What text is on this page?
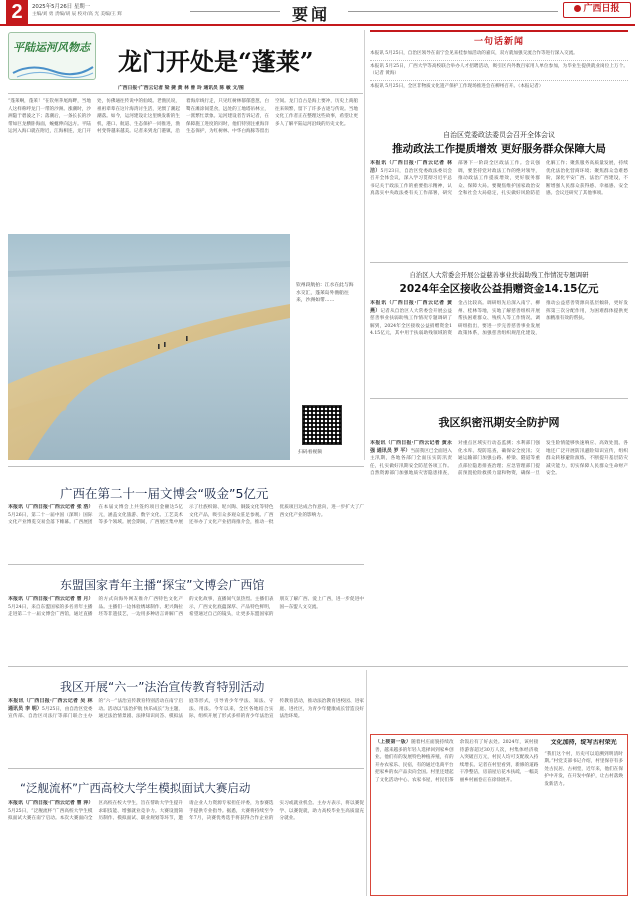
2	2025年5月26日 星期一
主编/刘 勇 责编/胡 辰 校对/高 光 美编/王 辉	要闻	广西日报
平陆运河风物志 龙门开处是“蓬莱”
广西日报·广西云记者 梁 捷 黄 林 曾 玲 通讯员 陈 敏 文/图
“蓬莱啊，蓬莱！”在钦州茅尾海畔，当地人这样称呼龙门一带的沙洲。涨潮时，沙洲隐于碧波之下；落潮后，一条长长的沙带如巨龙横卧海面，蜿蜒伸向远方。平陆运河入海口就在附近，江海相连，龙门开处，仿佛通往传说中的仙境。老渔民说，祖祖辈辈在这片海湾讨生活，见惯了潮起潮落。如今，运河建设让这里焕发新的生机，港口、航道、生态保护一同推进，渔村变得越来越美。记者来到龙门港镇，沿着海岸线行走，只见红树林郁郁葱葱，白鹭在滩涂间觅食，远处的工地塔吊林立，一派繁忙景象。运河建设者告诉记者，在保障施工进度的同时，他们特别注重海洋生态保护，为红树林、中华白海豚等留出空间。龙门自古是海上要冲，历史上商船往来频繁，留下了许多古迹与传说。当地文化工作者正在整理这些故事，希望让更多人了解平陆运河沿线的历史文化。
钦州段航拍：江水在此与海水交汇，蓬莱岛外渔船往来，沙洲如带……
扫码看视频
一句话新闻
本报讯 5月25日，自治区领导在南宁会见来桂参加活动的嘉宾，双方就加强交流合作等进行深入交流。
本报讯 5月25日，广西大学等高校联合举办人才招聘活动，吸引区内外数百家用人单位参加，为毕业生提供就业岗位上万个。（记者 黄海）
本报讯 5月25日，全区非物质文化遗产保护工作现场推进会在柳州召开。（本报记者）
自治区党委政法委员会召开全体会议
推动政法工作提质增效 更好服务群众保障大局
本报讯（广西日报·广西云记者 林 洁）5月23日，自治区党委政法委员会召开全体会议，深入学习贯彻习近平总书记关于政法工作的重要指示精神，认真落实中央政法委有关工作部署，研究部署下一阶段全区政法工作。会议强调，要坚持党对政法工作的绝对领导，推动政法工作提质增效，更好服务群众、保障大局。要聚焦维护国家政治安全和社会大局稳定，扎实做好风险防范化解工作；聚焦服务高质量发展，持续优化法治化营商环境；聚焦群众急难愁盼，深化平安广西、法治广西建设，不断增强人民群众获得感、幸福感、安全感。会议还研究了其他事项。
自治区人大常委会开展公益慈善事业扶弱助残工作情况专题调研
2024年全区接收公益捐赠资金14.15亿元
本报讯（广西日报·广西云记者 黄 燕）记者从自治区人大常委会开展公益慈善事业扶弱助残工作情况专题调研了解到，2024年全区接收公益捐赠资金14.15亿元，其中用于扶弱助残领域的资金占比较高。调研组先后深入南宁、柳州、桂林等地，实地了解慈善组织开展帮扶困难群众、残疾人等工作情况。调研组指出，要进一步完善慈善事业发展政策体系，加强慈善组织规范化建设，推动公益慈善资源向基层倾斜，更好发挥第三次分配作用，为困难群体提供更加精准有效的帮扶。
我区织密汛期安全防护网
本报讯（广西日报·广西云记者 黄永强 通讯员 罗 平）当前我区已全面进入主汛期，各地各部门全面压实防汛责任，扎实做好汛期安全防范各项工作。自然资源部门加强地质灾害隐患排查，对重点区域实行动态监测；水利部门强化水库、堤防巡查，确保安全度汛；交通运输部门加强公路、桥梁、隧道等重点部位隐患排查治理；应急管理部门提前预置抢险救援力量和物资，确保一旦发生险情能够快速响应、高效处置。各地还广泛开展防汛避险知识宣传，组织群众转移避险演练，不断提升基层防灾减灾能力，切实保障人民群众生命财产安全。
广西在第二十一届文博会“吸金”5亿元
本报讯（广西日报·广西云记者 张 浩）5月26日，第二十一届中国（深圳）国际文化产业博览交易会落下帷幕。广西展团在本届文博会上共签约项目金额达5亿元，涵盖文化旅游、数字文化、工艺美术等多个领域。展会期间，广西展区集中展示了壮族织锦、坭兴陶、铜鼓文化等特色文化产品，吸引众多观众驻足参观。广西还举办了文化产业招商推介会，推动一批优质项目达成合作意向，进一步扩大了广西文化产业的影响力。
东盟国家青年主播“探宝”文博会广西馆
本报讯（广西日报·广西云记者 曾 月）5月24日，来自东盟国家的多名青年主播走进第二十一届文博会广西馆，通过直播的方式向海外网友推介广西特色文化产品。主播们一边体验绣球制作、坭兴陶拉坯等非遗技艺，一边用多种语言讲解广西的文化故事，直播间气氛热烈。主播们表示，广西文化底蕴深厚、产品特色鲜明，希望通过自己的镜头，让更多东盟国家的朋友了解广西、爱上广西，进一步促进中国—东盟人文交流。
我区开展“六一”法治宣传教育特别活动
本报讯（广西日报·广西云记者 吴 林 通讯员 李 明）5月25日，由自治区党委宣传部、自治区司法厅等部门联合主办的“六一”法治宣传教育特别活动在南宁启动。活动以“法治护航 快乐成长”为主题，通过法治情景剧、法律知识问答、模拟法庭等形式，引导青少年学法、知法、守法、用法。今年以来，全区各地结合实际，组织开展了形式多样的青少年法治宣传教育活动，推动法治教育进校园、进家庭、进社区，为青少年健康成长营造良好法治环境。
“泛舰流杯”广西高校大学生模拟面试大赛启动
本报讯（广西日报·广西云记者 曹 萍）5月25日，“泛舰流杯”广西高校大学生模拟面试大赛在南宁启动。本次大赛面向全区高校在校大学生，旨在帮助大学生提升求职技能、增强就业竞争力。大赛设置简历制作、模拟面试、职业规划等环节，邀请企业人力资源专家担任评委，为参赛选手提供专业指导。据悉，大赛将持续至今年7月，决赛优秀选手将获得合作企业的实习或就业机会。主办方表示，将以赛促学、以赛促就，助力高校毕业生高质量充分就业。
（上接第一版）随着村庄面貌持续改善，越来越多的年轻人选择回到家乡创业。他们有的发展特色种植养殖，有的开办农家乐、民宿，有的通过电商平台把家乡的农产品卖向全国。村里还建起了文化活动中心、农家书屋，村民们茶余饭后有了好去处。2024年，该村接待游客超过30万人次，村集体经济收入突破百万元，村民人均可支配收入持续增长。记者在村里看到，新修的道路干净整洁，房前屋后花木扶疏，一幅美丽乡村画卷正在徐徐展开。
文化加持，绽写古村荣光
“我们这个村，历史可以追溯到明清时期。”村党支部书记介绍，村里保存有多处古民居、古祠堂，近年来，他们在保护中开发，在开发中保护，让古村落焕发新活力。
